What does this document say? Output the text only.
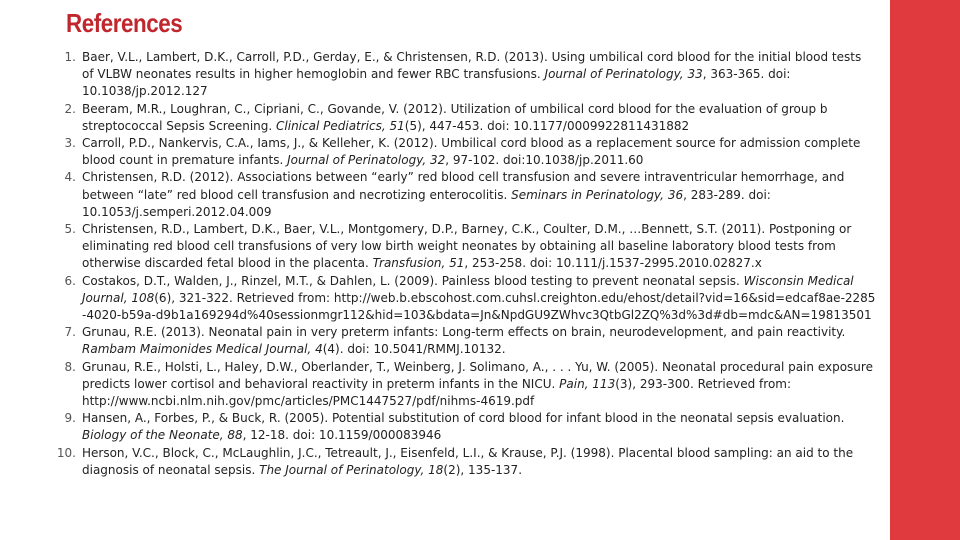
References
1. Baer, V.L., Lambert, D.K., Carroll, P.D., Gerday, E., & Christensen, R.D. (2013). Using umbilical cord blood for the initial blood tests of VLBW neonates results in higher hemoglobin and fewer RBC transfusions. Journal of Perinatology, 33, 363-365. doi: 10.1038/jp.2012.127
2. Beeram, M.R., Loughran, C., Cipriani, C., Govande, V. (2012). Utilization of umbilical cord blood for the evaluation of group b streptococcal Sepsis Screening. Clinical Pediatrics, 51(5), 447-453. doi: 10.1177/0009922811431882
3. Carroll, P.D., Nankervis, C.A., Iams, J., & Kelleher, K. (2012). Umbilical cord blood as a replacement source for admission complete blood count in premature infants. Journal of Perinatology, 32, 97-102. doi:10.1038/jp.2011.60
4. Christensen, R.D. (2012). Associations between “early” red blood cell transfusion and severe intraventricular hemorrhage, and between “late” red blood cell transfusion and necrotizing enterocolitis. Seminars in Perinatology, 36, 283-289. doi: 10.1053/j.semperi.2012.04.009
5. Christensen, R.D., Lambert, D.K., Baer, V.L., Montgomery, D.P., Barney, C.K., Coulter, D.M., …Bennett, S.T. (2011). Postponing or eliminating red blood cell transfusions of very low birth weight neonates by obtaining all baseline laboratory blood tests from otherwise discarded fetal blood in the placenta. Transfusion, 51, 253-258. doi: 10.111/j.1537-2995.2010.02827.x
6. Costakos, D.T., Walden, J., Rinzel, M.T., & Dahlen, L. (2009). Painless blood testing to prevent neonatal sepsis. Wisconsin Medical Journal, 108(6), 321-322. Retrieved from: http://web.b.ebscohost.com.cuhsl.creighton.edu/ehost/detail?vid=16&sid=edcaf8ae-2285-4020-b59a-d9b1a169294d%40sessionmgr112&hid=103&bdata=Jn&NpdGU9ZWhvc3QtbGl2ZQ%3d%3d#db=mdc&AN=19813501
7. Grunau, R.E. (2013). Neonatal pain in very preterm infants: Long-term effects on brain, neurodevelopment, and pain reactivity. Rambam Maimonides Medical Journal, 4(4). doi: 10.5041/RMMJ.10132.
8. Grunau, R.E., Holsti, L., Haley, D.W., Oberlander, T., Weinberg, J. Solimano, A., . . . Yu, W. (2005). Neonatal procedural pain exposure predicts lower cortisol and behavioral reactivity in preterm infants in the NICU. Pain, 113(3), 293-300. Retrieved from: http://www.ncbi.nlm.nih.gov/pmc/articles/PMC1447527/pdf/nihms-4619.pdf
9. Hansen, A., Forbes, P., & Buck, R. (2005). Potential substitution of cord blood for infant blood in the neonatal sepsis evaluation. Biology of the Neonate, 88, 12-18. doi: 10.1159/000083946
10. Herson, V.C., Block, C., McLaughlin, J.C., Tetreault, J., Eisenfeld, L.I., & Krause, P.J. (1998). Placental blood sampling: an aid to the diagnosis of neonatal sepsis. The Journal of Perinatology, 18(2), 135-137.
